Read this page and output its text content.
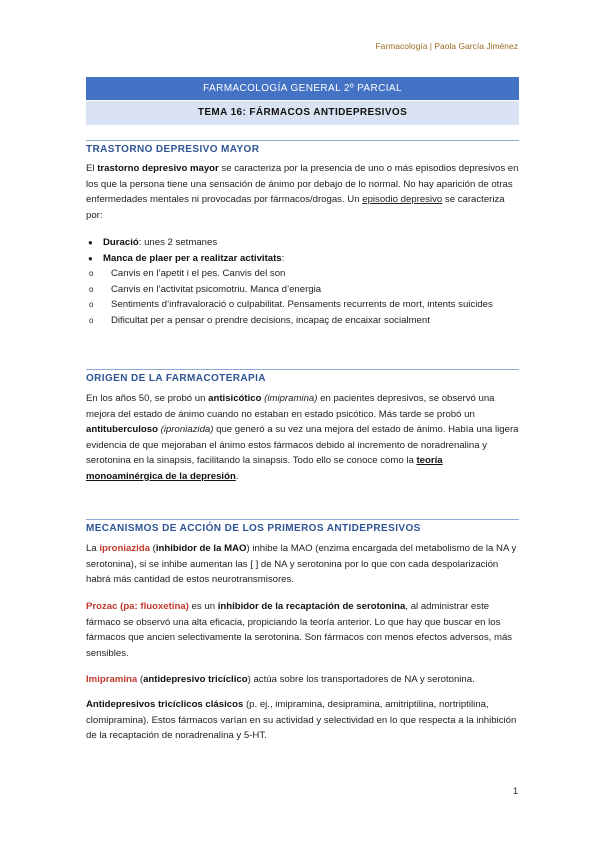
Farmacología | Paola García Jiménez
FARMACOLOGÍA GENERAL 2º PARCIAL
TEMA 16: FÁRMACOS ANTIDEPRESIVOS
TRASTORNO DEPRESIVO MAYOR

El trastorno depresivo mayor se caracteriza por la presencia de uno o más episodios depresivos en los que la persona tiene una sensación de ánimo por debajo de lo normal. No hay aparición de otras enfermedades mentales ni provocadas por fármacos/drogas. Un episodio depresivo se caracteriza por:

● Duració: unes 2 setmanes
● Manca de plaer per a realitzar activitats:
o Canvis en l’apetit i el pes. Canvis del son
o Canvis en l’activitat psicomotriu. Manca d’energia
o Sentiments d’infravaloració o culpabilitat. Pensaments recurrents de mort, intents suicides
o Dificultat per a pensar o prendre decisions, incapaç de encaixar socialment
ORIGEN DE LA FARMACOTERAPIA

En los años 50, se probó un antisicótico (imipramina) en pacientes depresivos, se observó una mejora del estado de ánimo cuando no estaban en estado psicótico. Más tarde se probó un antituberculoso (iproniazida) que generó a su vez una mejora del estado de ánimo. Había una ligera evidencia de que mejoraban el ánimo estos fármacos debido al incremento de noradrenalina y serotonina en la sinapsis, facilitando la sinapsis. Todo ello se conoce como la teoría monoaminérgica de la depresión.

MECANISMOS DE ACCIÓN DE LOS PRIMEROS ANTIDEPRESIVOS

La iproniazida (inhibidor de la MAO) inhibe la MAO (enzima encargada del metabolismo de la NA y serotonina), si se inhibe aumentan las [ ] de NA y serotonina por lo que con cada despolarización habrá más cantidad de estos neurotransmisores.

Prozac (pa: fluoxetina) es un inhibidor de la recaptación de serotonina, al administrar este fármaco se observó una alta eficacia, propiciando la teoría anterior. Lo que hay que buscar en los fármacos que ancien selectivamente la serotonina. Son fármacos con menos efectos adversos, más sensibles.

Imipramina (antidepresivo tricíclico) actúa sobre los transportadores de NA y serotonina.

Antidepresivos tricíclicos clásicos (p. ej., imipramina, desipramina, amitriptilina, nortriptilina, clomipramina). Estos fármacos varían en su actividad y selectividad en lo que respecta a la inhibición de la recaptación de noradrenalina y 5-HT.

1
